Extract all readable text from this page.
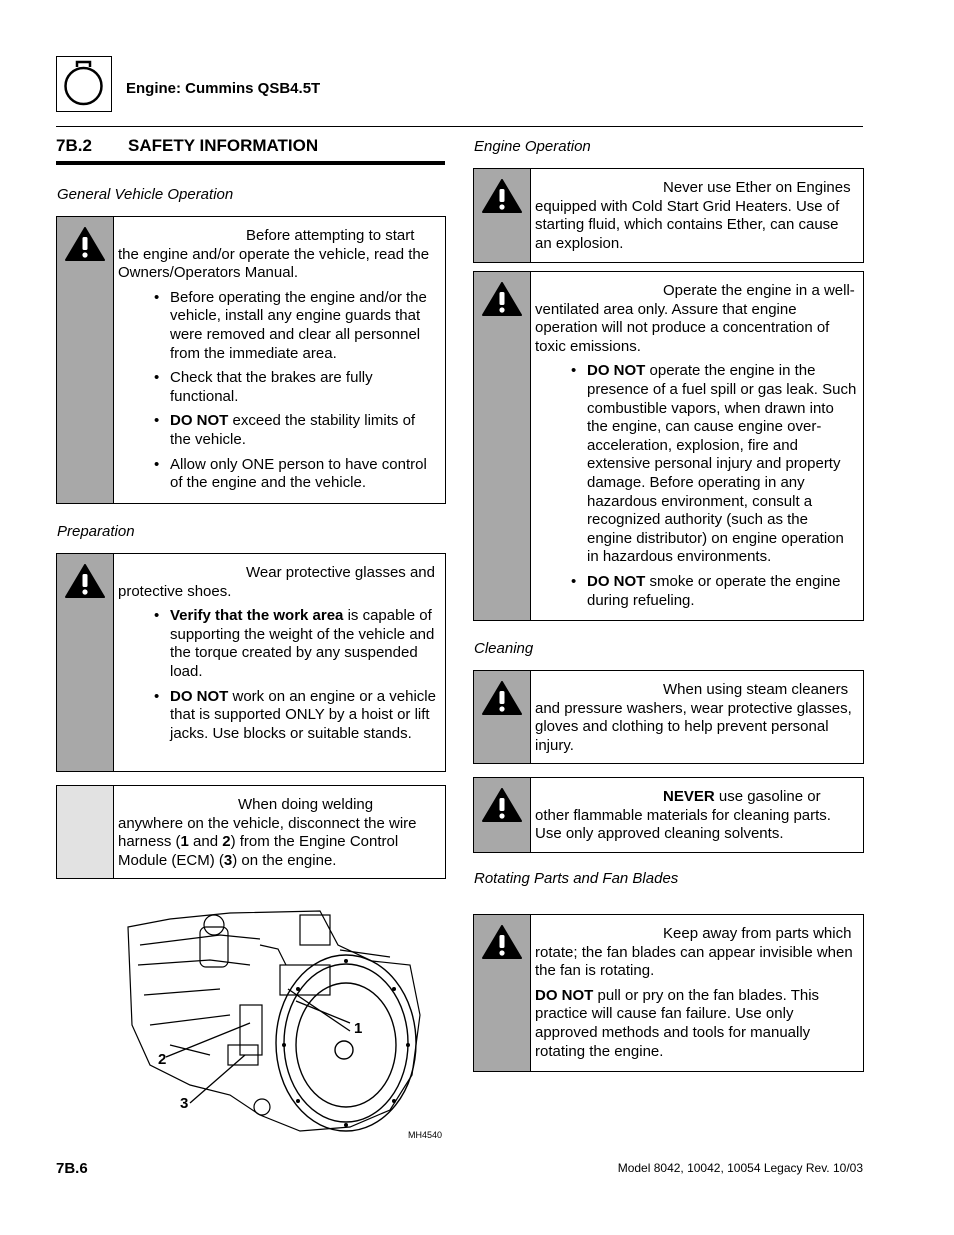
Engine: Cummins QSB4.5T
7B.2 SAFETY INFORMATION
General Vehicle Operation

Before attempting to start the engine and/or operate the vehicle, read the Owners/Operators Manual.

• Before operating the engine and/or the vehicle, install any engine guards that were removed and clear all personnel from the immediate area.
• Check that the brakes are fully functional.
• DO NOT exceed the stability limits of the vehicle.
• Allow only ONE person to have control of the engine and the vehicle.
Preparation

Wear protective glasses and protective shoes.

• Verify that the work area is capable of supporting the weight of the vehicle and the torque created by any suspended load.
• DO NOT work on an engine or a vehicle that is supported ONLY by a hoist or lift jacks. Use blocks or suitable stands.

When doing welding anywhere on the vehicle, disconnect the wire harness (1 and 2) from the Engine Control Module (ECM) (3) on the engine.

1
2
3
MH4540
Engine Operation

Never use Ether on Engines equipped with Cold Start Grid Heaters. Use of starting fluid, which contains Ether, can cause an explosion.

Operate the engine in a well-ventilated area only. Assure that engine operation will not produce a concentration of toxic emissions.

• DO NOT operate the engine in the presence of a fuel spill or gas leak. Such combustible vapors, when drawn into the engine, can cause engine over-acceleration, explosion, fire and extensive personal injury and property damage. Before operating in any hazardous environment, consult a recognized authority (such as the engine distributor) on engine operation in hazardous environments.
• DO NOT smoke or operate the engine during refueling.
Cleaning

When using steam cleaners and pressure washers, wear protective glasses, gloves and clothing to help prevent personal injury.

NEVER use gasoline or other flammable materials for cleaning parts. Use only approved cleaning solvents.

Rotating Parts and Fan Blades

Keep away from parts which rotate; the fan blades can appear invisible when the fan is rotating.

DO NOT pull or pry on the fan blades. This practice will cause fan failure. Use only approved methods and tools for manually rotating the engine.

7B.6	Model 8042, 10042, 10054 Legacy Rev. 10/03
